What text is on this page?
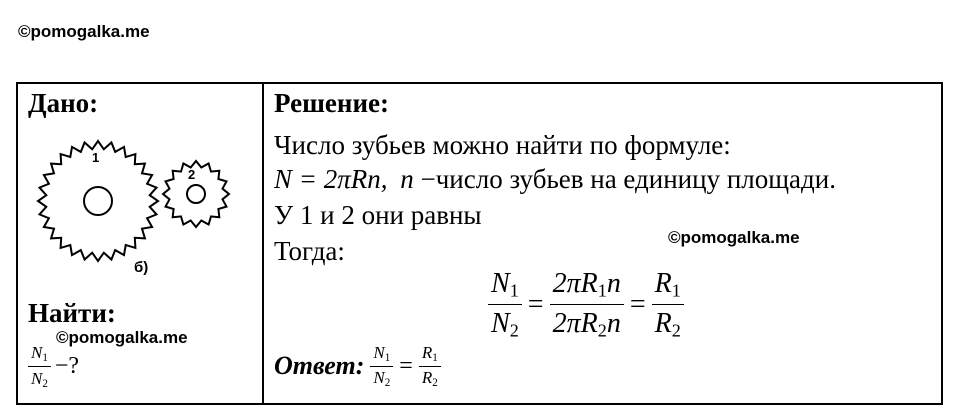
©pomogalka.me
Дано:
1
2
б)
Найти:
©pomogalka.me
$\frac{N_1}{N_2}$ −?
Решение:
Число зубьев можно найти по формуле:
N = 2πRn, n −число зубьев на единицу площади.
У 1 и 2 они равны
©pomogalka.me
Тогда:
$\frac{N_1}{N_2} = \frac{2\pi R_1n}{2\pi R_2n} = \frac{R_1}{R_2}$
Ответ: $\frac{N_1}{N_2} = \frac{R_1}{R_2}$
